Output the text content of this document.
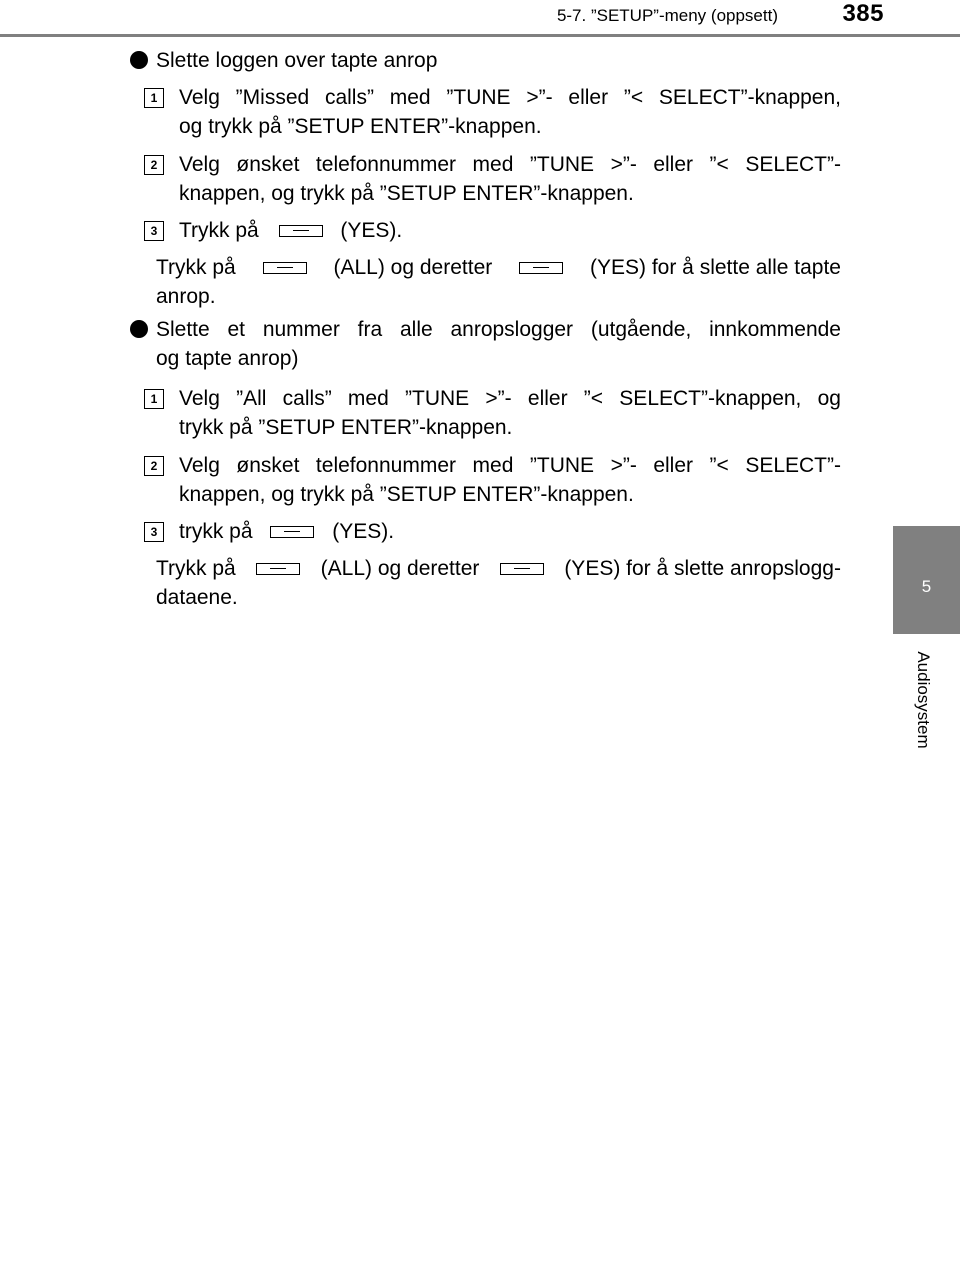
5-7. ”SETUP”-meny (oppsett)	385
5
Audiosystem
Slette loggen over tapte anrop
1	Velg ”Missed calls” med ”TUNE >”- eller ”< SELECT”-knappen,
og trykk på ”SETUP ENTER”-knappen.
2	Velg ønsket telefonnummer med ”TUNE >”- eller ”< SELECT”-
knappen, og trykk på ”SETUP ENTER”-knappen.
3	Trykk på	(YES).
Trykk på	(ALL) og deretter	(YES) for å slette alle tapte
anrop.
Slette et nummer fra alle anropslogger (utgående, innkommende
og tapte anrop)
1	Velg ”All calls” med ”TUNE >”- eller ”< SELECT”-knappen, og
trykk på ”SETUP ENTER”-knappen.
2	Velg ønsket telefonnummer med ”TUNE >”- eller ”< SELECT”-
knappen, og trykk på ”SETUP ENTER”-knappen.
3	trykk på	(YES).
Trykk på	(ALL) og deretter	(YES) for å slette anropslogg-
dataene.
